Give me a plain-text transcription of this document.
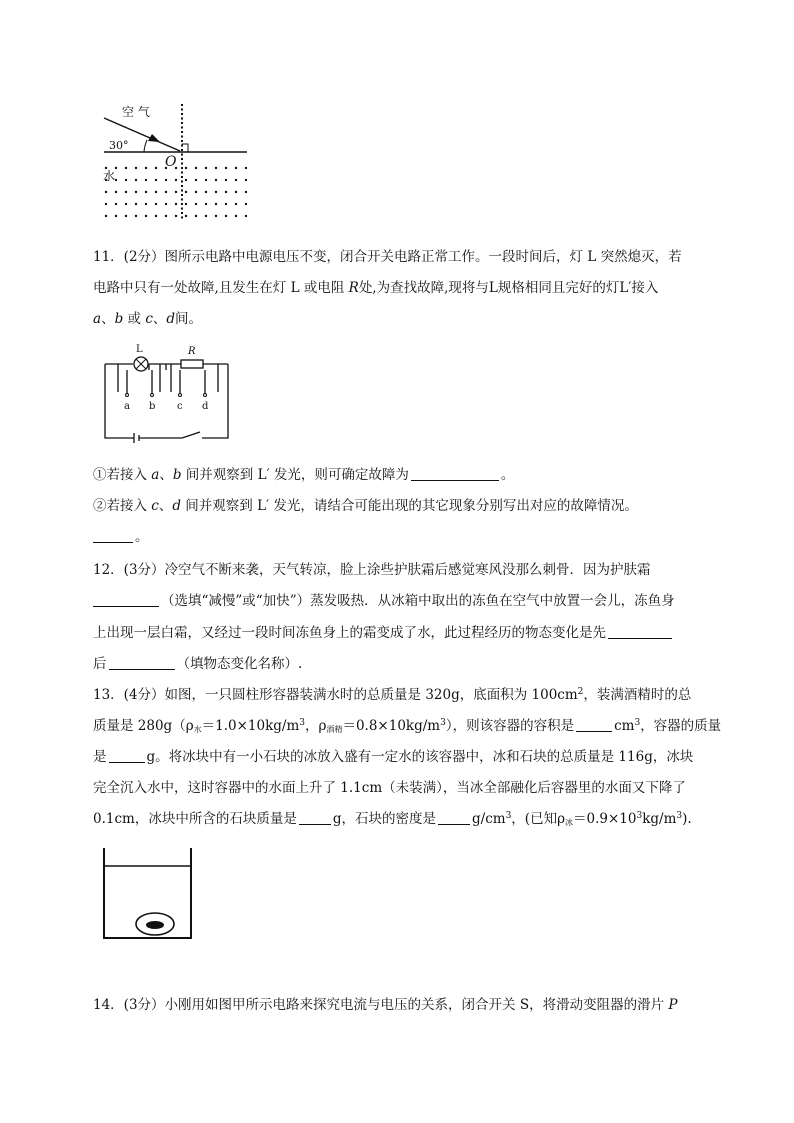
空 气
30°
O
水
11．(2分）图所示电路中电源电压不变，闭合开关电路正常工作。一段时间后，灯 L 突然熄灭，若
电路中只有一处故障,且发生在灯 L 或电阻 R处,为查找故障,现将与L规格相同且完好的灯L′接入
a、b 或 c、d间。
L	R
a b c d
①若接入 a、b 间并观察到 L′ 发光，则可确定故障为	。
②若接入 c、d 间并观察到 L′ 发光，请结合可能出现的其它现象分别写出对应的故障情况。
。
12．(3分）冷空气不断来袭，天气转凉，脸上涂些护肤霜后感觉寒风没那么刺骨．因为护肤霜
（选填“减慢”或“加快”）蒸发吸热．从冰箱中取出的冻鱼在空气中放置一会儿，冻鱼身
上出现一层白霜，又经过一段时间冻鱼身上的霜变成了水，此过程经历的物态变化是先
后	（填物态变化名称）.
13．(4分）如图，一只圆柱形容器装满水时的总质量是 320g，底面积为 $100cm^2$，装满酒精时的总
质量是 $280g(\rho_水=1.0\times 10kg/m^3$，$\rho_{酒精}=0.8\times 10kg/m^3$），则该容器的容积是	$cm^3$，容器的质量
是	g。将冰块中有一小石块的冰放入盛有一定水的该容器中，冰和石块的总质量是 116g，冰块
完全沉入水中，这时容器中的水面上升了 1.1cm（未装满），当冰全部融化后容器里的水面又下降了
0.1cm，冰块中所含的石块质量是	g，石块的密度是	$g/cm^3$，(已知$\rho_冰=0.9\times 10^3kg/m^3$).
14．(3分）小刚用如图甲所示电路来探究电流与电压的关系，闭合开关 S，将滑动变阻器的滑片 P
